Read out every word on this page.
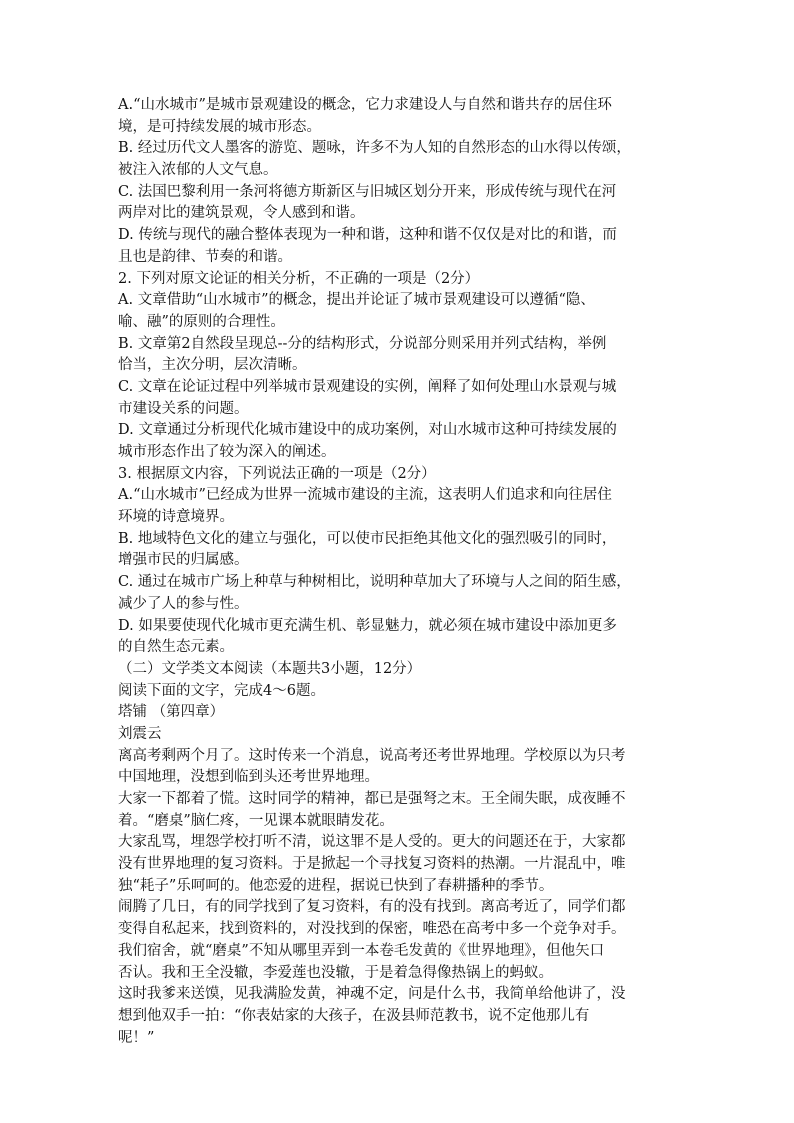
A.“山水城市”是城市景观建设的概念，它力求建设人与自然和谐共存的居住环
境，是可持续发展的城市形态。
B. 经过历代文人墨客的游览、题咏，许多不为人知的自然形态的山水得以传颂，
被注入浓郁的人文气息。
C. 法国巴黎利用一条河将德方斯新区与旧城区划分开来，形成传统与现代在河
两岸对比的建筑景观，令人感到和谐。
D. 传统与现代的融合整体表现为一种和谐，这种和谐不仅仅是对比的和谐，而
且也是韵律、节奏的和谐。
2. 下列对原文论证的相关分析，不正确的一项是（2分）
A. 文章借助“山水城市”的概念，提出并论证了城市景观建设可以遵循“隐、
喻、融”的原则的合理性。
B. 文章第2自然段呈现总--分的结构形式，分说部分则采用并列式结构，举例
恰当，主次分明，层次清晰。
C. 文章在论证过程中列举城市景观建设的实例，阐释了如何处理山水景观与城
市建设关系的问题。
D. 文章通过分析现代化城市建设中的成功案例，对山水城市这种可持续发展的
城市形态作出了较为深入的阐述。
3. 根据原文内容，下列说法正确的一项是（2分）
A.“山水城市”已经成为世界一流城市建设的主流，这表明人们追求和向往居住
环境的诗意境界。
B. 地域特色文化的建立与强化，可以使市民拒绝其他文化的强烈吸引的同时，
增强市民的归属感。
C. 通过在城市广场上种草与种树相比，说明种草加大了环境与人之间的陌生感，
减少了人的参与性。
D. 如果要使现代化城市更充满生机、彰显魅力，就必须在城市建设中添加更多
的自然生态元素。
（二）文学类文本阅读（本题共3小题，12分）
阅读下面的文字，完成4～6题。
塔铺 （第四章）
刘震云
离高考剩两个月了。这时传来一个消息，说高考还考世界地理。学校原以为只考
中国地理，没想到临到头还考世界地理。
大家一下都着了慌。这时同学的精神，都已是强弩之末。王全闹失眠，成夜睡不
着。“磨桌”脑仁疼，一见课本就眼睛发花。
大家乱骂，埋怨学校打听不清，说这罪不是人受的。更大的问题还在于，大家都
没有世界地理的复习资料。于是掀起一个寻找复习资料的热潮。一片混乱中，唯
独“耗子”乐呵呵的。他恋爱的进程，据说已快到了春耕播种的季节。
闹腾了几日，有的同学找到了复习资料，有的没有找到。离高考近了，同学们都
变得自私起来，找到资料的，对没找到的保密，唯恐在高考中多一个竞争对手。
我们宿舍，就“磨桌”不知从哪里弄到一本卷毛发黄的《世界地理》，但他矢口
否认。我和王全没辙，李爱莲也没辙，于是着急得像热锅上的蚂蚁。
这时我爹来送馍，见我满脸发黄，神魂不定，问是什么书，我简单给他讲了，没
想到他双手一拍：“你表姑家的大孩子，在汲县师范教书，说不定他那儿有
呢！”
